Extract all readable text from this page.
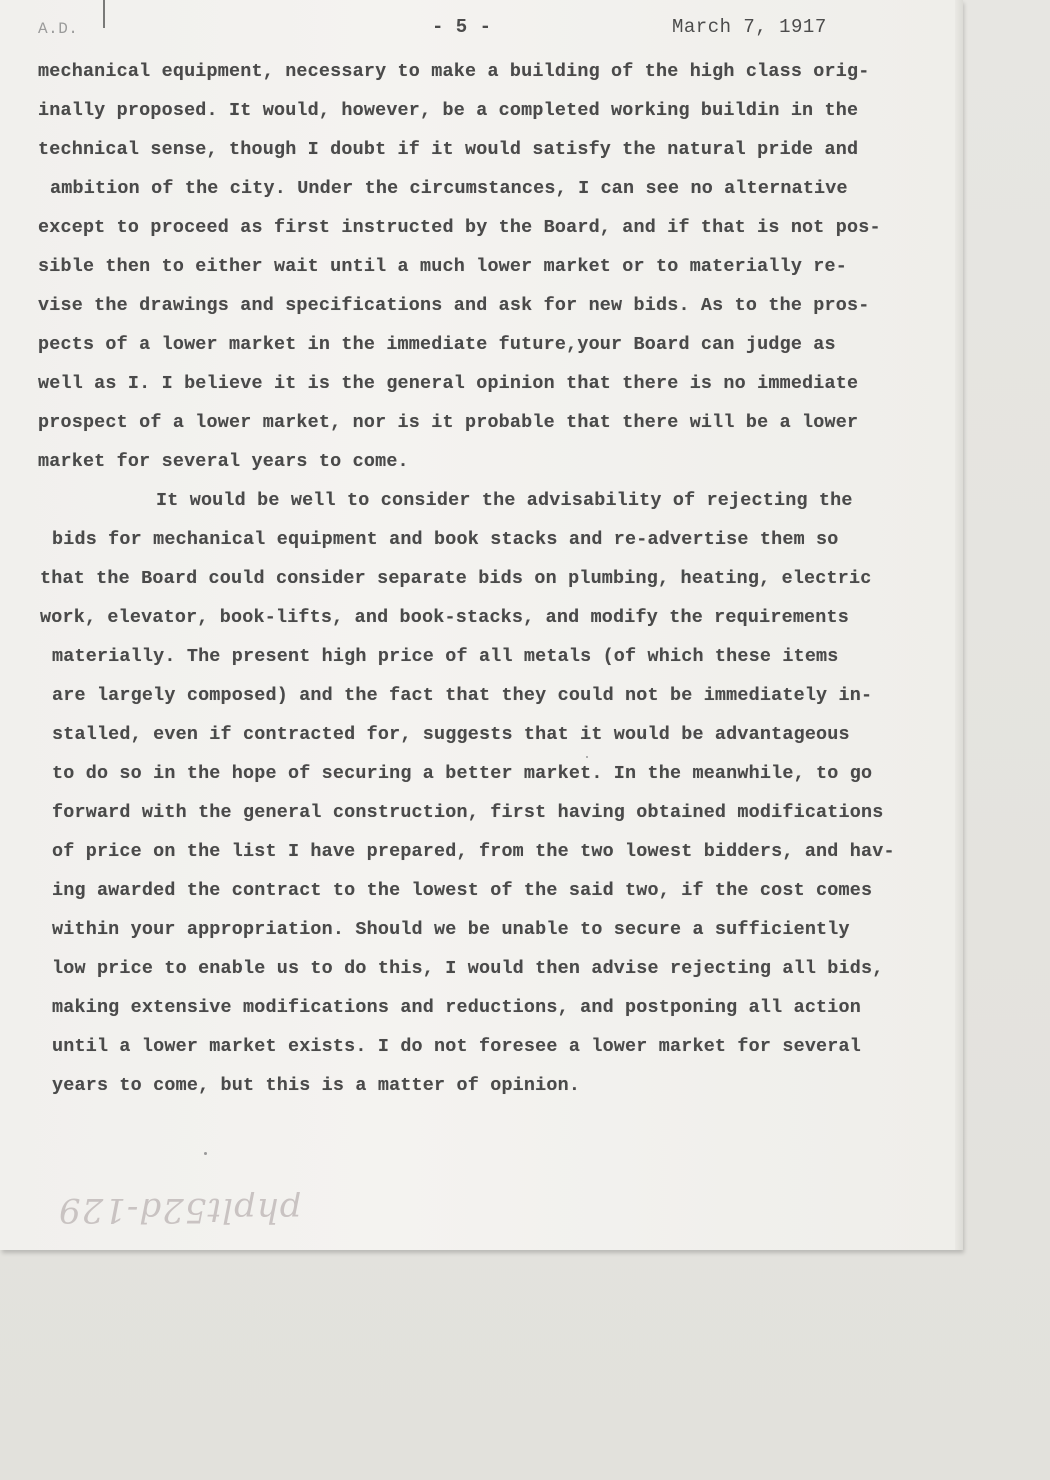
A.D.	- 5 -	March 7, 1917
mechanical equipment, necessary to make a building of the high class orig-
inally proposed. It would, however, be a completed working buildin in the
technical sense, though I doubt if it would satisfy the natural pride and
ambition of the city. Under the circumstances, I can see no alternative
except to proceed as first instructed by the Board, and if that is not pos-
sible then to either wait until a much lower market or to materially re-
vise the drawings and specifications and ask for new bids. As to the pros-
pects of a lower market in the immediate future,your Board can judge as
well as I. I believe it is the general opinion that there is no immediate
prospect of a lower market, nor is it probable that there will be a lower
market for several years to come.
It would be well to consider the advisability of rejecting the
bids for mechanical equipment and book stacks and re-advertise them so
that the Board could consider separate bids on plumbing, heating, electric
work, elevator, book-lifts, and book-stacks, and modify the requirements
materially. The present high price of all metals (of which these items
are largely composed) and the fact that they could not be immediately in-
stalled, even if contracted for, suggests that it would be advantageous
to do so in the hope of securing a better market. In the meanwhile, to go
forward with the general construction, first having obtained modifications
of price on the list I have prepared, from the two lowest bidders, and hav-
ing awarded the contract to the lowest of the said two, if the cost comes
within your appropriation. Should we be unable to secure a sufficiently
low price to enable us to do this, I would then advise rejecting all bids,
making extensive modifications and reductions, and postponing all action
until a lower market exists. I do not foresee a lower market for several
years to come, but this is a matter of opinion.
phplt52d-129
